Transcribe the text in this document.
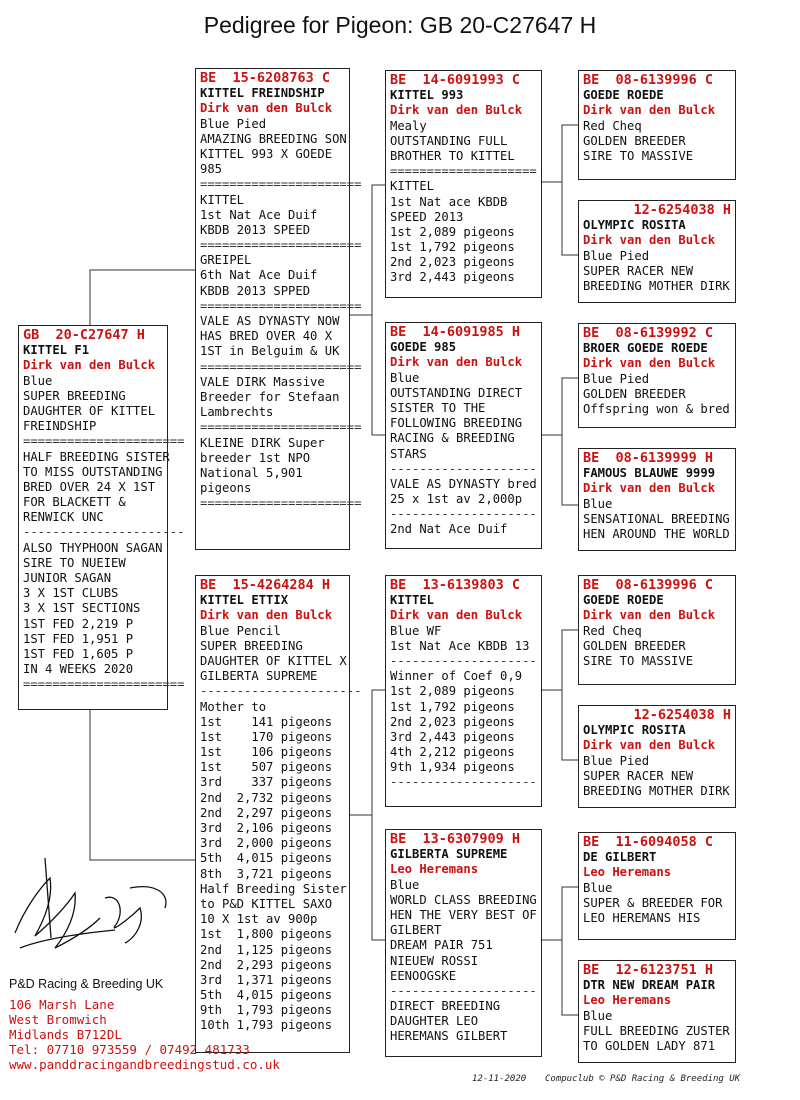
Pedigree for Pigeon: GB 20-C27647 H
GB  20-C27647 H
KITTEL F1
Dirk van den Bulck
Blue
SUPER BREEDING
DAUGHTER OF KITTEL
FREINDSHIP
======================
HALF BREEDING SISTER
TO MISS OUTSTANDING
BRED OVER 24 X 1ST
FOR BLACKETT &
RENWICK UNC
----------------------
ALSO THYPHOON SAGAN
SIRE TO NUEIEW
JUNIOR SAGAN
3 X 1ST CLUBS
3 X 1ST SECTIONS
1ST FED 2,219 P
1ST FED 1,951 P
1ST FED 1,605 P
IN 4 WEEKS 2020
======================
BE  15-6208763 C
KITTEL FREINDSHIP
Dirk van den Bulck
Blue Pied
AMAZING BREEDING SON
KITTEL 993 X GOEDE
985
======================
KITTEL
1st Nat Ace Duif
KBDB 2013 SPEED
======================
GREIPEL
6th Nat Ace Duif
KBDB 2013 SPPED
======================
VALE AS DYNASTY NOW
HAS BRED OVER 40 X
1ST in Belguim & UK
======================
VALE DIRK Massive
Breeder for Stefaan
Lambrechts
======================
KLEINE DIRK Super
breeder 1st NPO
National 5,901
pigeons
======================
BE  15-4264284 H
KITTEL ETTIX
Dirk van den Bulck
Blue Pencil
SUPER BREEDING
DAUGHTER OF KITTEL X
GILBERTA SUPREME
----------------------
Mother to
1st    141 pigeons
1st    170 pigeons
1st    106 pigeons
1st    507 pigeons
3rd    337 pigeons
2nd  2,732 pigeons
2nd  2,297 pigeons
3rd  2,106 pigeons
3rd  2,000 pigeons
5th  4,015 pigeons
8th  3,721 pigeons
Half Breeding Sister
to P&D KITTEL SAXO
10 X 1st av 900p
1st  1,800 pigeons
2nd  1,125 pigeons
2nd  2,293 pigeons
3rd  1,371 pigeons
5th  4,015 pigeons
9th  1,793 pigeons
10th 1,793 pigeons
BE  14-6091993 C
KITTEL 993
Dirk van den Bulck
Mealy
OUTSTANDING FULL
BROTHER TO KITTEL
====================
KITTEL
1st Nat ace KBDB
SPEED 2013
1st 2,089 pigeons
1st 1,792 pigeons
2nd 2,023 pigeons
3rd 2,443 pigeons
BE  14-6091985 H
GOEDE 985
Dirk van den Bulck
Blue
OUTSTANDING DIRECT
SISTER TO THE
FOLLOWING BREEDING
RACING & BREEDING
STARS
--------------------
VALE AS DYNASTY bred
25 x 1st av 2,000p
--------------------
2nd Nat Ace Duif
BE  13-6139803 C
KITTEL
Dirk van den Bulck
Blue WF
1st Nat Ace KBDB 13
--------------------
Winner of Coef 0,9
1st 2,089 pigeons
1st 1,792 pigeons
2nd 2,023 pigeons
3rd 2,443 pigeons
4th 2,212 pigeons
9th 1,934 pigeons
--------------------
BE  13-6307909 H
GILBERTA SUPREME
Leo Heremans
Blue
WORLD CLASS BREEDING
HEN THE VERY BEST OF
GILBERT
DREAM PAIR 751
NIEUEW ROSSI
EENOOGSKE
--------------------
DIRECT BREEDING
DAUGHTER LEO
HEREMANS GILBERT
BE  08-6139996 C
GOEDE ROEDE
Dirk van den Bulck
Red Cheq
GOLDEN BREEDER
SIRE TO MASSIVE
12-6254038 H
OLYMPIC ROSITA
Dirk van den Bulck
Blue Pied
SUPER RACER NEW
BREEDING MOTHER DIRK
BE  08-6139992 C
BROER GOEDE ROEDE
Dirk van den Bulck
Blue Pied
GOLDEN BREEDER
Offspring won & bred
BE  08-6139999 H
FAMOUS BLAUWE 9999
Dirk van den Bulck
Blue
SENSATIONAL BREEDING
HEN AROUND THE WORLD
BE  08-6139996 C
GOEDE ROEDE
Dirk van den Bulck
Red Cheq
GOLDEN BREEDER
SIRE TO MASSIVE
12-6254038 H
OLYMPIC ROSITA
Dirk van den Bulck
Blue Pied
SUPER RACER NEW
BREEDING MOTHER DIRK
BE  11-6094058 C
DE GILBERT
Leo Heremans
Blue
SUPER & BREEDER FOR
LEO HEREMANS HIS
BE  12-6123751 H
DTR NEW DREAM PAIR
Leo Heremans
Blue
FULL BREEDING ZUSTER
TO GOLDEN LADY 871
P&D Racing & Breeding UK
106 Marsh Lane
West Bromwich
Midlands B712DL
Tel: 07710 973559 / 07492 481733
www.panddracingandbreedingstud.co.uk
12-11-2020 Compuclub © P&D Racing & Breeding UK
